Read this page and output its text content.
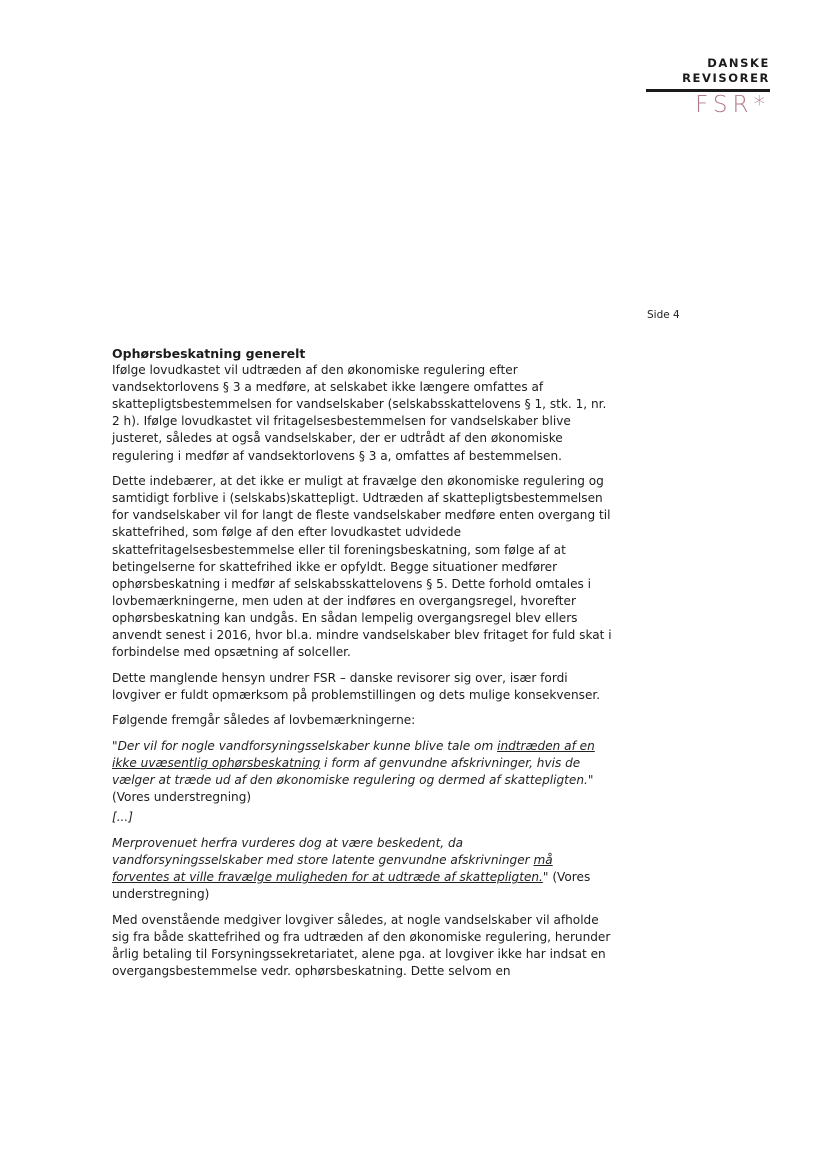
DANSKE
REVISORER
FSR*
Side 4
Ophørsbeskatning generelt

Ifølge lovudkastet vil udtræden af den økonomiske regulering efter vandsektorlovens § 3 a medføre, at selskabet ikke længere omfattes af skattepligtsbestemmelsen for vandselskaber (selskabsskattelovens § 1, stk. 1, nr. 2 h). Ifølge lovudkastet vil fritagelsesbestemmelsen for vandselskaber blive justeret, således at også vandselskaber, der er udtrådt af den økonomiske regulering i medfør af vandsektorlovens § 3 a, omfattes af bestemmelsen.

Dette indebærer, at det ikke er muligt at fravælge den økonomiske regulering og samtidigt forblive i (selskabs)skattepligt. Udtræden af skattepligtsbestemmelsen for vandselskaber vil for langt de fleste vandselskaber medføre enten overgang til skattefrihed, som følge af den efter lovudkastet udvidede skattefritagelsesbestemmelse eller til foreningsbeskatning, som følge af at betingelserne for skattefrihed ikke er opfyldt. Begge situationer medfører ophørsbeskatning i medfør af selskabsskattelovens § 5. Dette forhold omtales i lovbemærkningerne, men uden at der indføres en overgangsregel, hvorefter ophørsbeskatning kan undgås. En sådan lempelig overgangsregel blev ellers anvendt senest i 2016, hvor bl.a. mindre vandselskaber blev fritaget for fuld skat i forbindelse med opsætning af solceller.

Dette manglende hensyn undrer FSR – danske revisorer sig over, især fordi lovgiver er fuldt opmærksom på problemstillingen og dets mulige konsekvenser.

Følgende fremgår således af lovbemærkningerne:

"Der vil for nogle vandforsyningsselskaber kunne blive tale om indtræden af en ikke uvæsentlig ophørsbeskatning i form af genvundne afskrivninger, hvis de vælger at træde ud af den økonomiske regulering og dermed af skattepligten."
(Vores understregning)

[...]

Merprovenuet herfra vurderes dog at være beskedent, da vandforsyningsselskaber med store latente genvundne afskrivninger må forventes at ville fravælge muligheden for at udtræde af skattepligten." (Vores understregning)

Med ovenstående medgiver lovgiver således, at nogle vandselskaber vil afholde sig fra både skattefrihed og fra udtræden af den økonomiske regulering, herunder årlig betaling til Forsyningssekretariatet, alene pga. at lovgiver ikke har indsat en overgangsbestemmelse vedr. ophørsbeskatning. Dette selvom en
